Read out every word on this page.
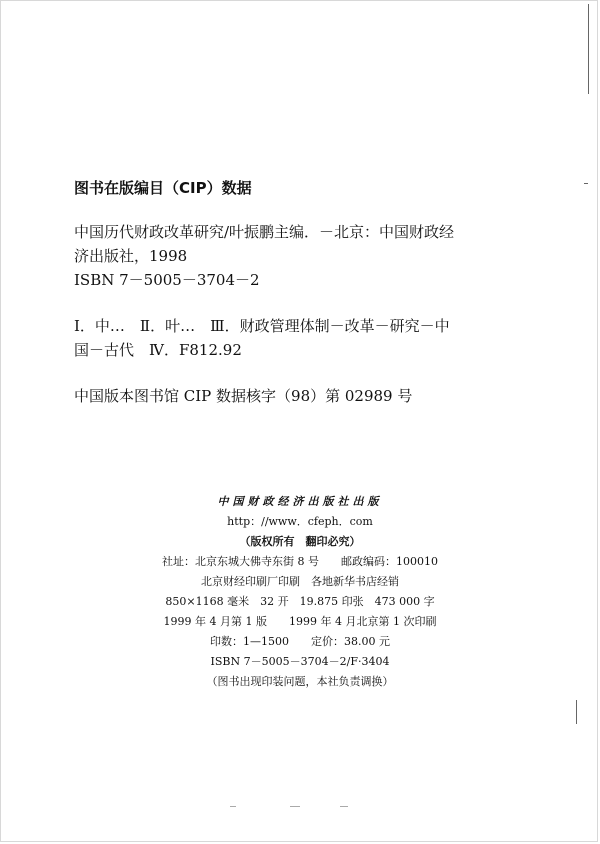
图书在版编目（CIP）数据
中国历代财政改革研究/叶振鹏主编．－北京：中国财政经
济出版社，1998
ISBN 7－5005－3704－2
Ⅰ．中…　Ⅱ．叶…　Ⅲ．财政管理体制－改革－研究－中
国－古代　Ⅳ．F812.92
中国版本图书馆 CIP 数据核字（98）第 02989 号
中国财政经济出版社出版
http：//www．cfeph．com
（版权所有　翻印必究）
社址：北京东城大佛寺东街 8 号　　邮政编码：100010
北京财经印刷厂印刷　各地新华书店经销
850×1168 毫米　32 开　19.875 印张　473 000 字
1999 年 4 月第 1 版　　1999 年 4 月北京第 1 次印刷
印数：1—1500　　定价：38.00 元
ISBN 7－5005－3704－2/F·3404
（图书出现印装问题，本社负责调换）
